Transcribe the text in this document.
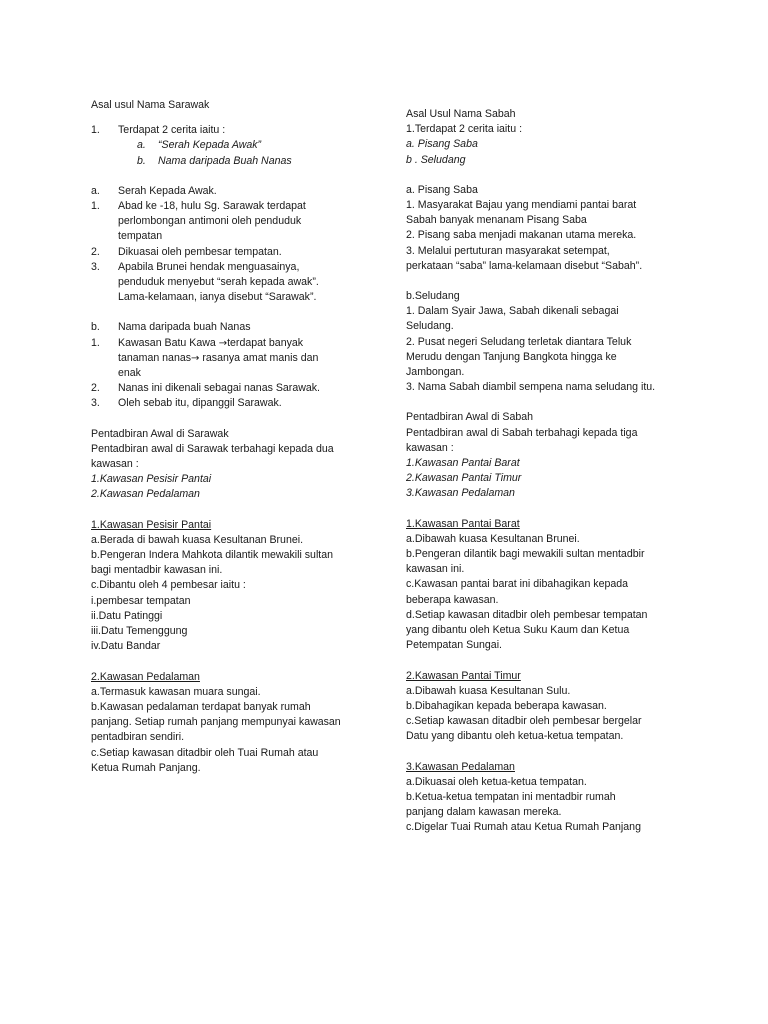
Asal usul Nama Sarawak

1.	Terdapat 2 cerita iaitu :
a.	“Serah Kepada Awak”
b.	Nama daripada Buah Nanas
a.	Serah Kepada Awak.
1.	Abad ke -18, hulu Sg. Sarawak terdapat
perlombongan antimoni oleh penduduk
tempatan
2.	Dikuasai oleh pembesar tempatan.
3.	Apabila Brunei hendak menguasainya,
penduduk menyebut “serah kepada awak”.
Lama-kelamaan, ianya disebut “Sarawak”.
b.	Nama daripada buah Nanas
1.	Kawasan Batu Kawa →terdapat banyak
tanaman nanas→ rasanya amat manis dan
enak
2.	Nanas ini dikenali sebagai nanas Sarawak.
3.	Oleh sebab itu, dipanggil Sarawak.

Pentadbiran Awal di Sarawak

Pentadbiran awal di Sarawak terbahagi kepada dua

kawasan :

1.Kawasan Pesisir Pantai

2.Kawasan Pedalaman

1.Kawasan Pesisir Pantai

a.Berada di bawah kuasa Kesultanan Brunei.

b.Pengeran Indera Mahkota dilantik mewakili sultan

bagi mentadbir kawasan ini.

c.Dibantu oleh 4 pembesar iaitu :

i.pembesar tempatan

ii.Datu Patinggi

iii.Datu Temenggung

iv.Datu Bandar

2.Kawasan Pedalaman

a.Termasuk kawasan muara sungai.

b.Kawasan pedalaman terdapat banyak rumah

panjang. Setiap rumah panjang mempunyai kawasan

pentadbiran sendiri.

c.Setiap kawasan ditadbir oleh Tuai Rumah atau

Ketua Rumah Panjang.

Asal Usul Nama Sabah

1.Terdapat 2 cerita iaitu :

a. Pisang Saba

b . Seludang

a. Pisang Saba

1. Masyarakat Bajau yang mendiami pantai barat

Sabah banyak menanam Pisang Saba

2. Pisang saba menjadi makanan utama mereka.

3. Melalui pertuturan masyarakat setempat,

perkataan “saba” lama-kelamaan disebut “Sabah”.

b.Seludang

1. Dalam Syair Jawa, Sabah dikenali sebagai

Seludang.

2. Pusat negeri Seludang terletak diantara Teluk

Merudu dengan Tanjung Bangkota hingga ke

Jambongan.

3. Nama Sabah diambil sempena nama seludang itu.

Pentadbiran Awal di Sabah

Pentadbiran awal di Sabah terbahagi kepada tiga

kawasan :

1.Kawasan Pantai Barat

2.Kawasan Pantai Timur

3.Kawasan Pedalaman

1.Kawasan Pantai Barat

a.Dibawah kuasa Kesultanan Brunei.

b.Pengeran dilantik bagi mewakili sultan mentadbir

kawasan ini.

c.Kawasan pantai barat ini dibahagikan kepada

beberapa kawasan.

d.Setiap kawasan ditadbir oleh pembesar tempatan

yang dibantu oleh Ketua Suku Kaum dan Ketua

Petempatan Sungai.

2.Kawasan Pantai Timur

a.Dibawah kuasa Kesultanan Sulu.

b.Dibahagikan kepada beberapa kawasan.

c.Setiap kawasan ditadbir oleh pembesar bergelar

Datu yang dibantu oleh ketua-ketua tempatan.

3.Kawasan Pedalaman

a.Dikuasai oleh ketua-ketua tempatan.

b.Ketua-ketua tempatan ini mentadbir rumah

panjang dalam kawasan mereka.

c.Digelar Tuai Rumah atau Ketua Rumah Panjang
